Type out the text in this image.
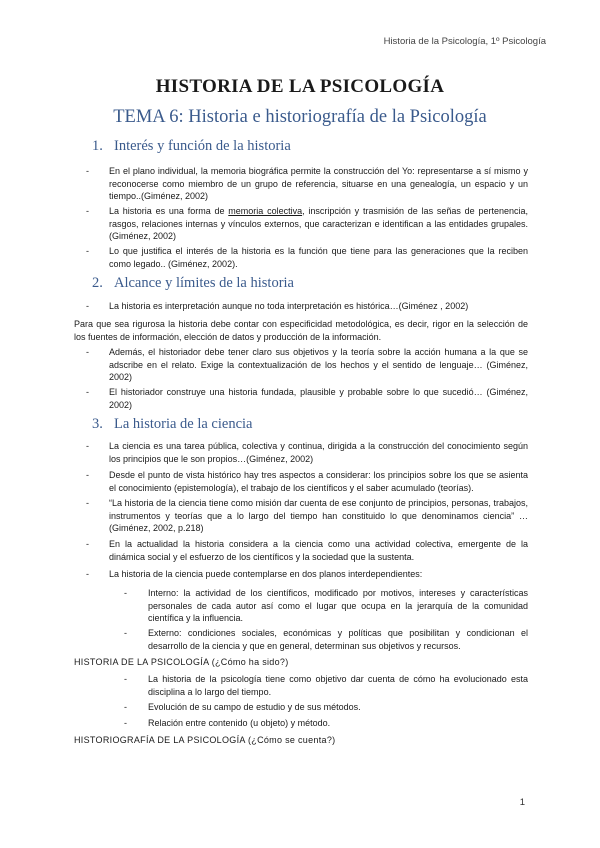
Historia de la Psicología, 1º Psicología
HISTORIA DE LA PSICOLOGÍA
TEMA 6: Historia e historiografía de la Psicología
1. Interés y función de la historia
- En el plano individual, la memoria biográfica permite la construcción del Yo: representarse a sí mismo y reconocerse como miembro de un grupo de referencia, situarse en una genealogía, un espacio y un tiempo..(Giménez, 2002)
- La historia es una forma de memoria colectiva, inscripción y trasmisión de las señas de pertenencia, rasgos, relaciones internas y vínculos externos, que caracterizan e identifican a las entidades grupales. (Giménez, 2002)
- Lo que justifica el interés de la historia es la función que tiene para las generaciones que la reciben como legado.. (Giménez, 2002).
2. Alcance y límites de la historia
- La historia es interpretación aunque no toda interpretación es histórica…(Giménez , 2002)
Para que sea rigurosa la historia debe contar con especificidad metodológica, es decir, rigor en la selección de los fuentes de información, elección de datos y producción de la información.
- Además, el historiador debe tener claro sus objetivos y la teoría sobre la acción humana a la que se adscribe en el relato. Exige la contextualización de los hechos y el sentido de lenguaje… (Giménez, 2002)
- El historiador construye una historia fundada, plausible y probable sobre lo que sucedió… (Giménez, 2002)
3. La historia de la ciencia
- La ciencia es una tarea pública, colectiva y continua, dirigida a la construcción del conocimiento según los principios que le son propios…(Giménez, 2002)
- Desde el punto de vista histórico hay tres aspectos a considerar: los principios sobre los que se asienta el conocimiento (epistemología), el trabajo de los científicos y el saber acumulado (teorías).
- “La historia de la ciencia tiene como misión dar cuenta de ese conjunto de principios, personas, trabajos, instrumentos y teorías que a lo largo del tiempo han constituido lo que denominamos ciencia” …(Giménez, 2002, p.218)
- En la actualidad la historia considera a la ciencia como una actividad colectiva, emergente de la dinámica social y el esfuerzo de los científicos y la sociedad que la sustenta.
- La historia de la ciencia puede contemplarse en dos planos interdependientes:
- Interno: la actividad de los científicos, modificado por motivos, intereses y características personales de cada autor así como el lugar que ocupa en la jerarquía de la comunidad científica y la influencia.
- Externo: condiciones sociales, económicas y políticas que posibilitan y condicionan el desarrollo de la ciencia y que en general, determinan sus objetivos y recursos.
HISTORIA DE LA PSICOLOGÍA (¿Cómo ha sido?)
- La historia de la psicología tiene como objetivo dar cuenta de cómo ha evolucionado esta disciplina a lo largo del tiempo.
- Evolución de su campo de estudio y de sus métodos.
- Relación entre contenido (u objeto) y método.
HISTORIOGRAFÍA DE LA PSICOLOGÍA (¿Cómo se cuenta?)
1
